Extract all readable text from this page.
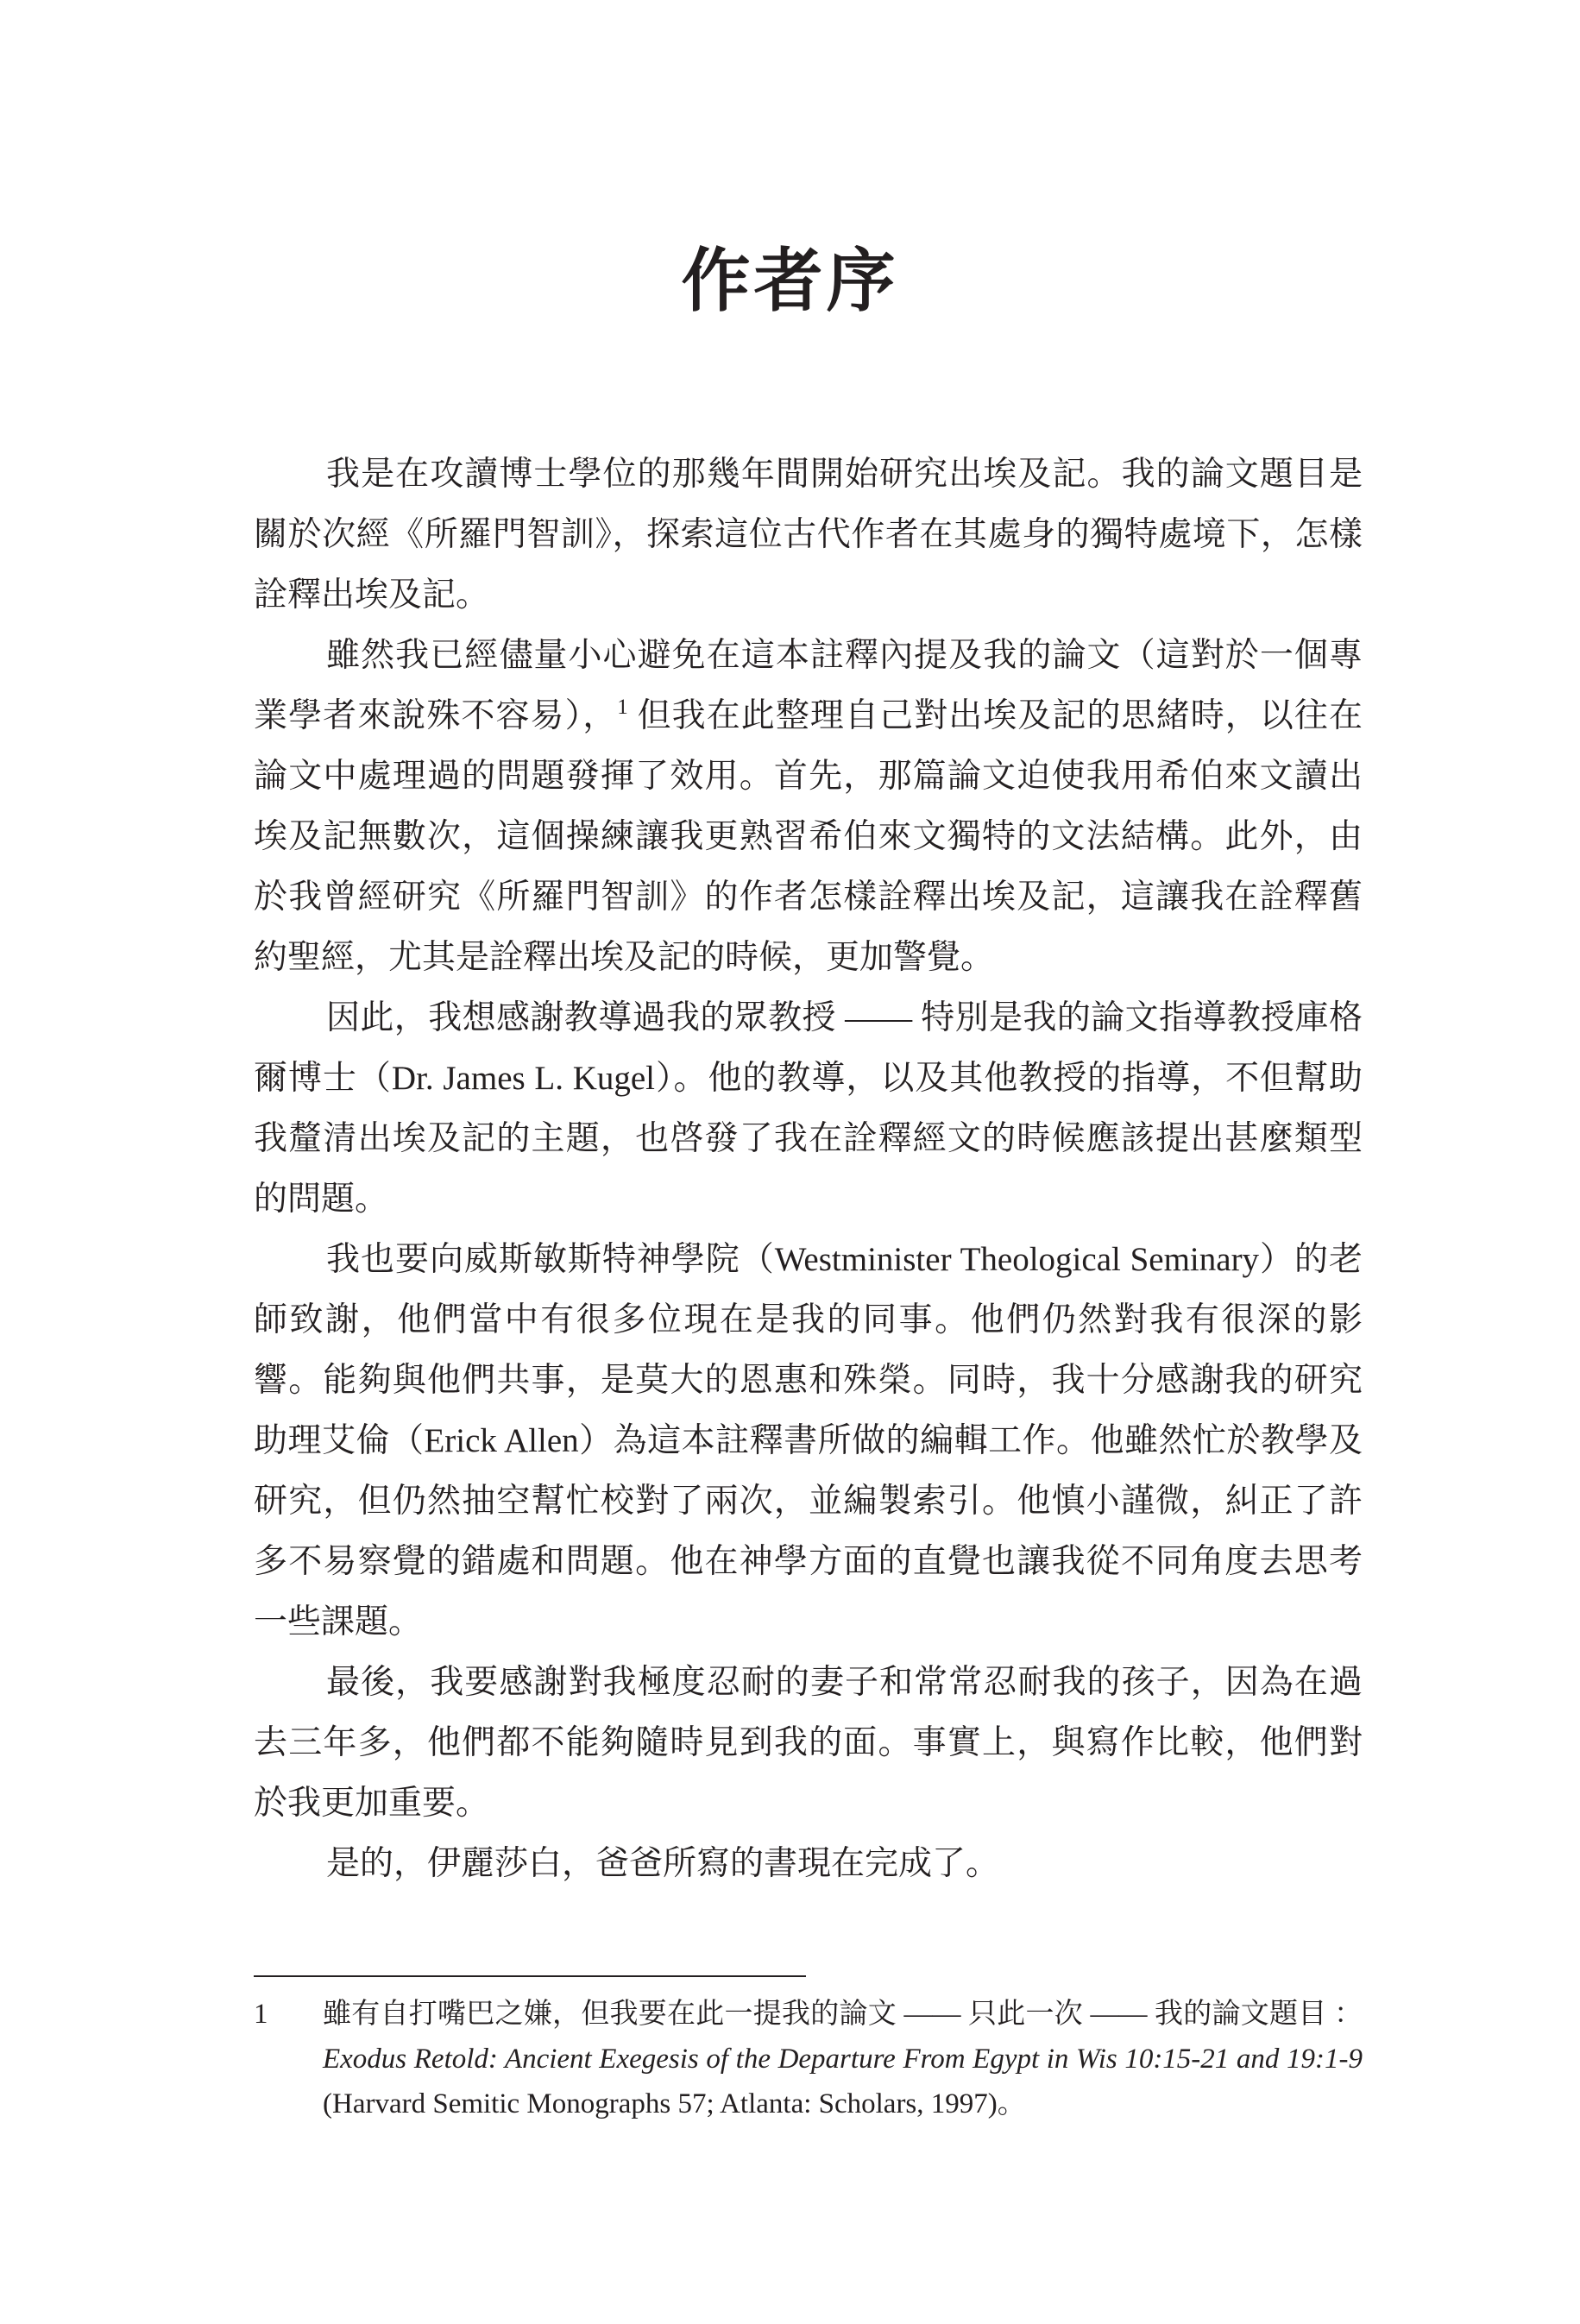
作者序

我是在攻讀博士學位的那幾年間開始研究出埃及記。我的論文題目是關於次經《所羅門智訓》，探索這位古代作者在其處身的獨特處境下，怎樣詮釋出埃及記。

雖然我已經儘量小心避免在這本註釋內提及我的論文（這對於一個專業學者來說殊不容易），$^1$ 但我在此整理自己對出埃及記的思緒時，以往在論文中處理過的問題發揮了效用。首先，那篇論文迫使我用希伯來文讀出埃及記無數次，這個操練讓我更熟習希伯來文獨特的文法結構。此外，由於我曾經研究《所羅門智訓》的作者怎樣詮釋出埃及記，這讓我在詮釋舊約聖經，尤其是詮釋出埃及記的時候，更加警覺。

因此，我想感謝教導過我的眾教授 —— 特別是我的論文指導教授庫格爾博士（Dr. James L. Kugel）。他的教導，以及其他教授的指導，不但幫助我釐清出埃及記的主題，也啓發了我在詮釋經文的時候應該提出甚麼類型的問題。

我也要向威斯敏斯特神學院（Westminister Theological Seminary）的老師致謝，他們當中有很多位現在是我的同事。他們仍然對我有很深的影響。能夠與他們共事，是莫大的恩惠和殊榮。同時，我十分感謝我的研究助理艾倫（Erick Allen）為這本註釋書所做的編輯工作。他雖然忙於教學及研究，但仍然抽空幫忙校對了兩次，並編製索引。他慎小謹微，糾正了許多不易察覺的錯處和問題。他在神學方面的直覺也讓我從不同角度去思考一些課題。

最後，我要感謝對我極度忍耐的妻子和常常忍耐我的孩子，因為在過去三年多，他們都不能夠隨時見到我的面。事實上，與寫作比較，他們對於我更加重要。

是的，伊麗莎白，爸爸所寫的書現在完成了。

1 雖有自打嘴巴之嫌，但我要在此一提我的論文 —— 只此一次 —— 我的論文題目 ：Exodus Retold: Ancient Exegesis of the Departure From Egypt in Wis 10:15-21 and 19:1-9 (Harvard Semitic Monographs 57; Atlanta: Scholars, 1997)。
